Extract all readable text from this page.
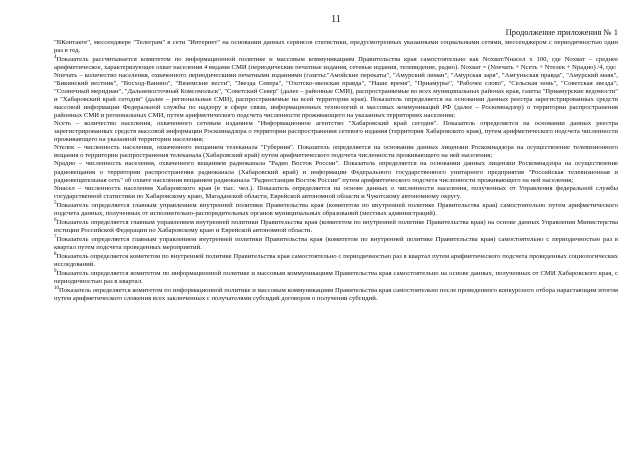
11
Продолжение приложения № 1

"ВКонтакте", мессенджере "Телеграм" в сети "Интернет" на основании данных сервисов статистики, предусмотренных указанными социальными сетями, мессенджером с периодичностью один раз в год.

$^4$Показатель рассчитывается комитетом по информационной политике и массовым коммуникациям Правительства края самостоятельно как Noxват/Nнасел x 100, где Noxват – среднее арифметическое, характеризующее охват населения 4 видами СМИ (периодические печатные издания, сетевые издания, телевидение, радио). Noxват = (Nпечать + Nсеть + Nтелек + Nрадио) /4, где:

Nпечать – количество населения, охваченного периодическими печатными изданиями (газеты:"Амойские перекаты", "Амурский лиман", "Амурская заря", "Амгуньская правда", "Амурский маяк", "Бикинский вестник", "Восход-Ванино", "Вяземские вести", "Звезда Севера", "Охотско-эвенская правда", "Наше время", "Приамурье", "Рабочее слово", "Сельская новь", "Советская звезда"; "Солнечный меридиан", "Дальневосточный Комсомольск", "Советский Север" (далее – районные СМИ), распространяемые во всех муниципальных районах края, газеты "Приамурские ведомости" и "Хабаровский край сегодня" (далее – региональные СМИ), распространяемые на всей территории края). Показатель определяется на основании данных реестра зарегистрированных средств массовой информации Федеральной службы по надзору в сфере связи, информационных технологий и массовых коммуникаций РФ (далее – Роскомнадзор) о территории распространения районных СМИ и региональных СМИ, путем арифметического подсчета численности проживающего на указанных территориях населения;

Nсеть – количество населения, охваченного сетевым изданием "Информационное агентство "Хабаровский край сегодня". Показатель определяется на основании данных реестра зарегистрированных средств массовой информации Роскомнадзора о территории распространения сетевого издания (территория Хабаровского края), путем арифметического подсчета численности проживающего на указанной территории населения;

Nтелек – численность населения, охваченного вещанием телеканала "Губерния". Показатель определяется на основании данных лицензии Роскомнадзора на осуществление телевизионного вещания о территории распространения телеканала (Хабаровский край) путем арифметического подсчета численности проживающего на ней населения;

Nрадио – численность населения, охваченного вещанием радиоканала "Радио Восток России". Показатель определяется на основании данных лицензии Роскомнадзора на осуществление радиовещания о территории распространения радиоканала (Хабаровский край) и информации Федерального государственного унитарного предприятия "Российская телевизионная и радиовещательная сеть" об охвате населения вещанием радиоканала "Радиостанция Восток России" путем арифметического подсчета численности проживающего на ней населения;

Nнасел – численность населения Хабаровского края (в тыс. чел.). Показатель определяется на основе данных о численности населения, полученных от Управления федеральной службы государственной статистики по Хабаровскому краю, Магаданской области, Еврейской автономной области и Чукотскому автономному округу.

$^5$Показатель определяется главным управлением внутренней политики Правительства края (комитетом по внутренней политике Правительства края) самостоятельно путем арифметического подсчета данных, полученных от исполнительно-распорядительных органов муниципальных образований (местных администраций).

$^6$Показатель определяется главным управлением внутренней политики Правительства края (комитетом по внутренней политике Правительства края) на основе данных Управления Министерства юстиции Российской Федерации по Хабаровскому краю и Еврейской автономной области.

$^7$Показатель определяется главным управлением внутренней политики Правительства края (комитетом по внутренней политике Правительства края) самостоятельно с периодичностью раз в квартал путем подсчета проведенных мероприятий.

$^8$Показатель определяется комитетом по внутренней политике Правительства края самостоятельно с периодичностью раз в квартал путем арифметического подсчета проведенных социологических исследований.

$^9$Показатель определяется комитетом по информационной политике и массовым коммуникациям Правительства края самостоятельно на основе данных, полученных от СМИ Хабаровского края, с периодичностью раз в квартал.

$^{10}$Показатель определяется комитетом по информационной политике и массовым коммуникациям Правительства края самостоятельно после проведенного конкурсного отбора нарастающим итогом путем арифметического сложения всех заключенных с получателями субсидий договоров о получении субсидий.
